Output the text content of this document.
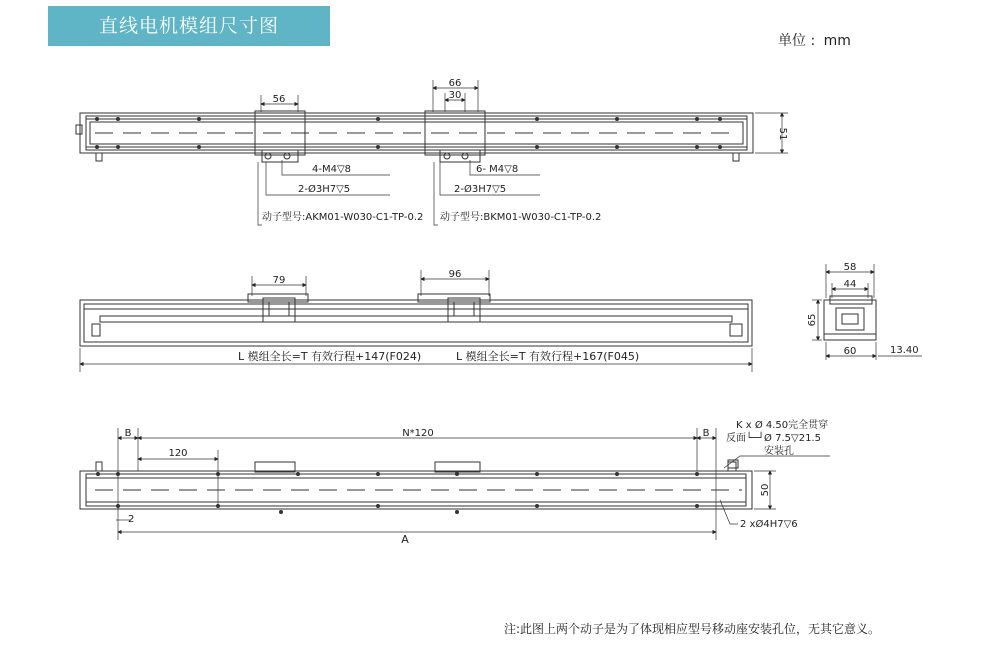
直线电机模组尺寸图
单位 : mm
56
66
30
51
4-M4▽8
2-Ø3H7▽5
动子型号:AKM01-W030-C1-TP-0.2
6- M4▽8
2-Ø3H7▽5
动子型号:BKM01-W030-C1-TP-0.2
79
96
L 模组全长=T 有效行程+147(F024)	L 模组全长=T 有效行程+167(F045)
58
44
65
60	13.40
B	N*120	B
120
2
A
50
K x Ø 4.50完全贯穿
反面└─┘Ø 7.5▽21.5
安装孔
2 xØ4H7▽6
注:此图上两个动子是为了体现相应型号移动座安装孔位，无其它意义。
